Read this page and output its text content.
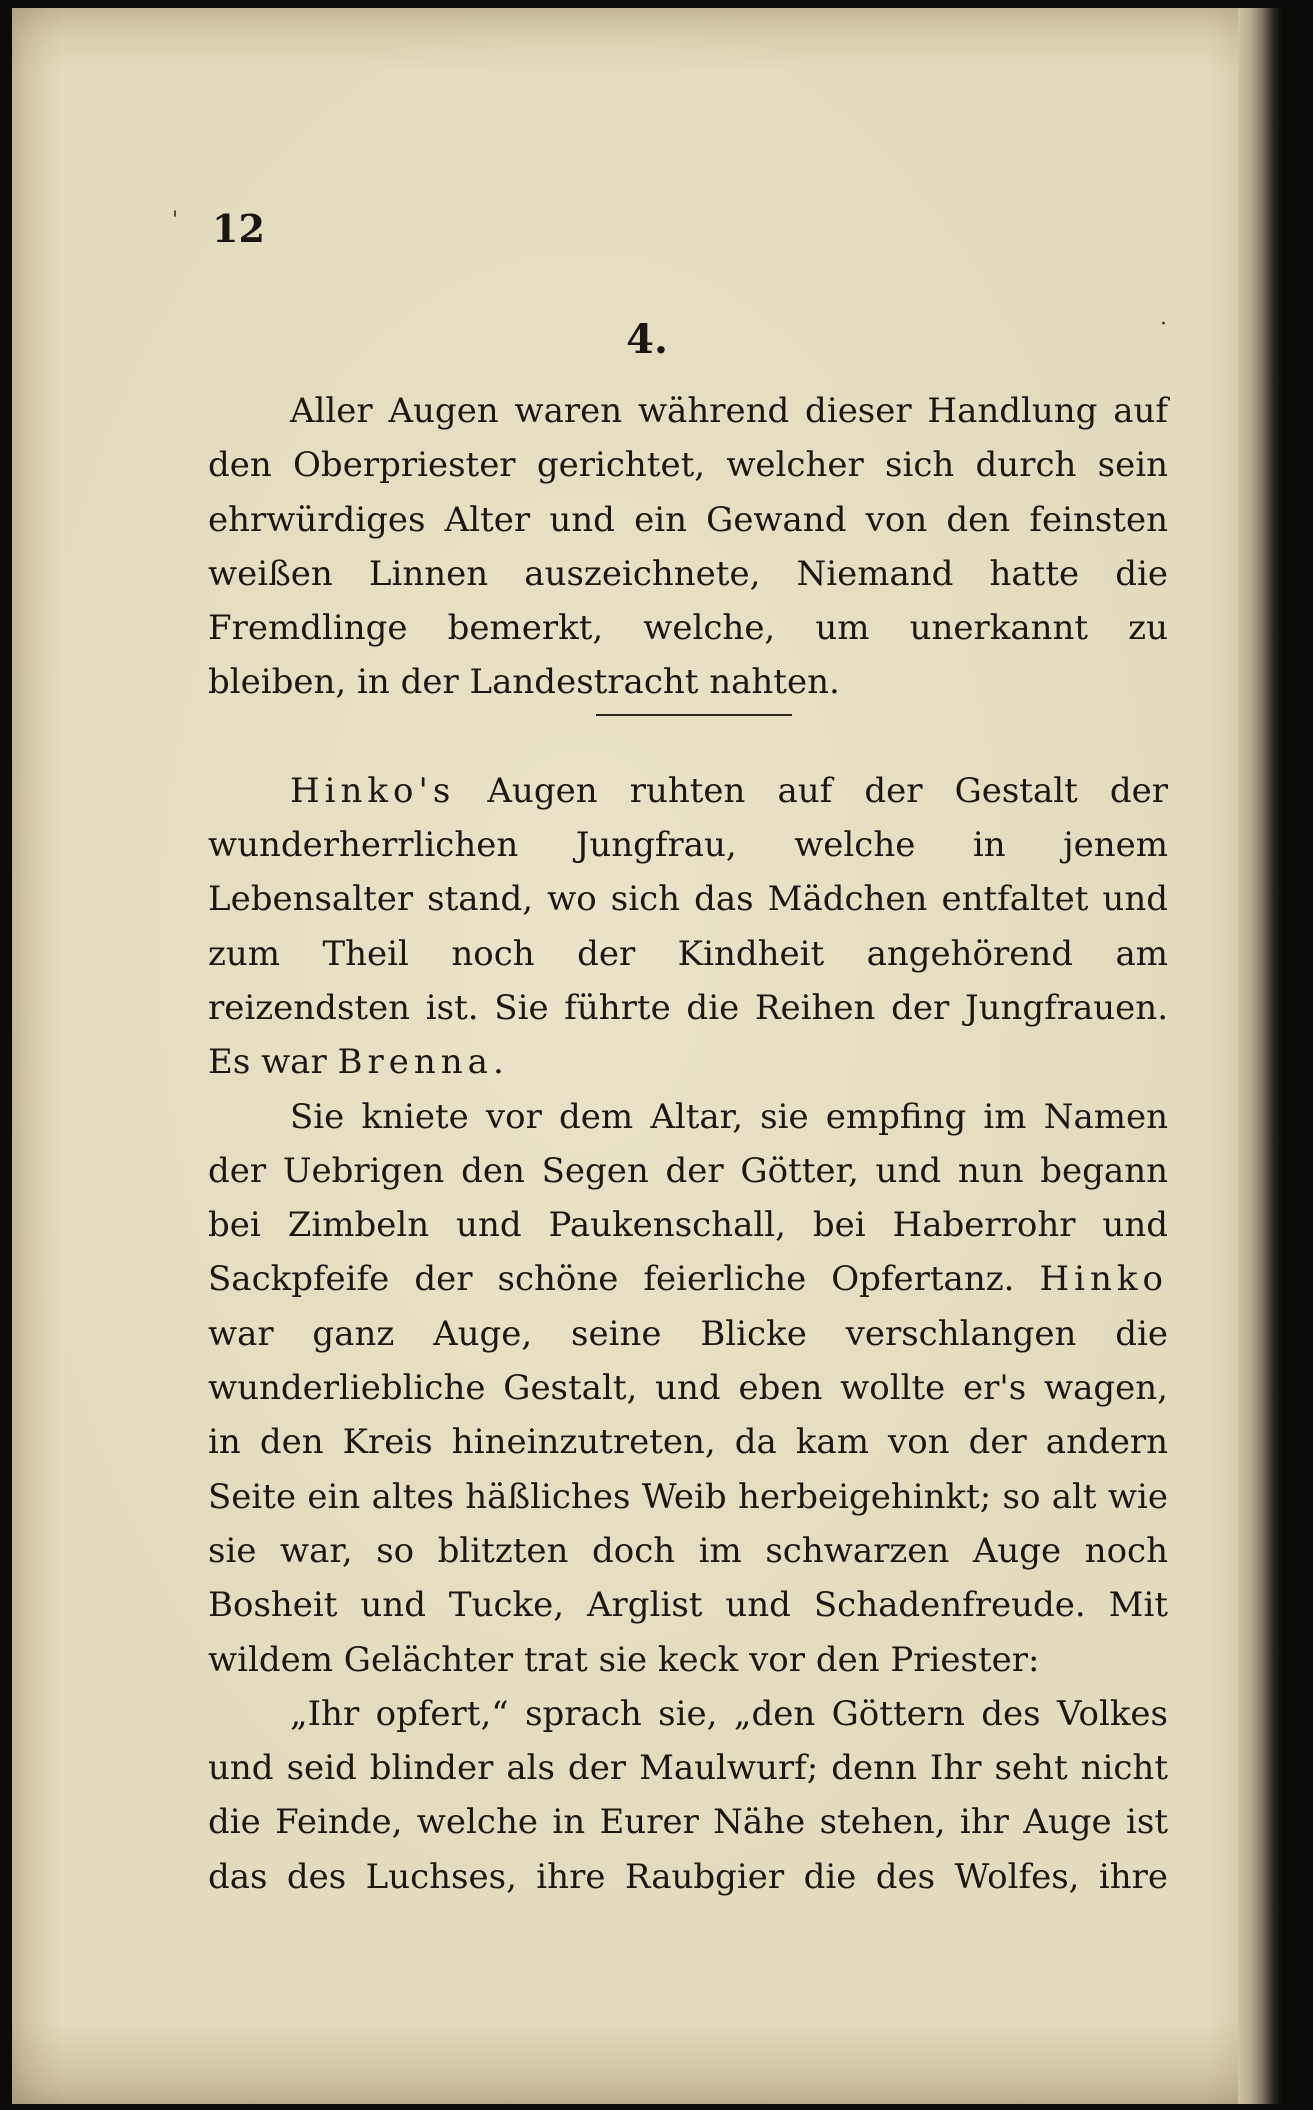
12
4.

Aller Augen waren während dieser Handlung auf den Oberpriester gerichtet, welcher sich durch sein ehrwürdiges Alter und ein Gewand von den feinsten weißen Linnen auszeichnete, Niemand hatte die Fremdlinge bemerkt, welche, um unerkannt zu bleiben, in der Landestracht nahten.

Hinko's Augen ruhten auf der Gestalt der wunderherrlichen Jungfrau, welche in jenem Lebensalter stand, wo sich das Mädchen entfaltet und zum Theil noch der Kindheit angehörend am reizendsten ist. Sie führte die Reihen der Jungfrauen. Es war Brenna.

Sie kniete vor dem Altar, sie empfing im Namen der Uebrigen den Segen der Götter, und nun begann bei Zimbeln und Paukenschall, bei Haberrohr und Sackpfeife der schöne feierliche Opfertanz. Hinko war ganz Auge, seine Blicke verschlangen die wunderliebliche Gestalt, und eben wollte er's wagen, in den Kreis hineinzutreten, da kam von der andern Seite ein altes häßliches Weib herbeigehinkt; so alt wie sie war, so blitzten doch im schwarzen Auge noch Bosheit und Tucke, Arglist und Schadenfreude. Mit wildem Gelächter trat sie keck vor den Priester:

„Ihr opfert,“ sprach sie, „den Göttern des Volkes und seid blinder als der Maulwurf; denn Ihr seht nicht die Feinde, welche in Eurer Nähe stehen, ihr Auge ist das des Luchses, ihre Raubgier die des Wolfes, ihre

'
·
